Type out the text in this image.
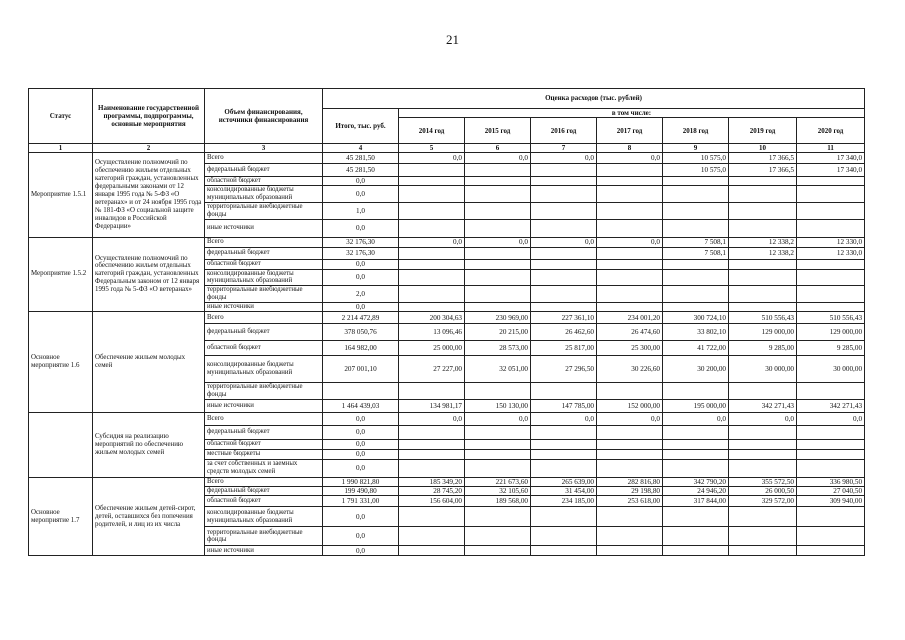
21
Статус	Наименование государственной программы, подпрограммы, основные мероприятия	Объем финансирования, источники финансирования	Оценка расходов (тыс. рублей)							
			Итого, тыс. руб.	в том числе:						
				2014 год	2015 год	2016 год	2017 год	2018 год	2019 год	2020 год
1	2	3	4	5	6	7	8	9	10	11
Мероприятие 1.5.1	Осуществление полномочий по обеспечению жильем отдельных категорий граждан, установленных федеральными законами от 12 января 1995 года № 5-ФЗ «О ветеранах» и от 24 ноября 1995 года № 181-ФЗ «О социальной защите инвалидов в Российской Федерации»	Всего	45 281,50	0,0	0,0	0,0	0,0	10 575,0	17 366,5	17 340,0
		федеральный бюджет	45 281,50					10 575,0	17 366,5	17 340,0
		областной бюджет	0,0							
		консолидированные бюджеты муниципальных образований	0,0							
		территориальные внебюджетные фонды	1,0							
		иные источники	0,0							
Мероприятие 1.5.2	Осуществление полномочий по обеспечению жильем отдельных категорий граждан, установленных Федеральным законом от 12 января 1995 года № 5-ФЗ «О ветеранах»	Всего	32 176,30	0,0	0,0	0,0	0,0	7 508,1	12 338,2	12 330,0
		федеральный бюджет	32 176,30					7 508,1	12 338,2	12 330,0
		областной бюджет	0,0							
		консолидированные бюджеты муниципальных образований	0,0							
		территориальные внебюджетные фонды	2,0							
		иные источники	0,0							
Основное мероприятие 1.6	Обеспечение жильем молодых семей	Всего	2 214 472,89	200 304,63	230 969,00	227 361,10	234 001,20	300 724,10	510 556,43	510 556,43
		федеральный бюджет	378 050,76	13 096,46	20 215,00	26 462,60	26 474,60	33 802,10	129 000,00	129 000,00
		областной бюджет	164 982,00	25 000,00	28 573,00	25 817,00	25 300,00	41 722,00	9 285,00	9 285,00
		консолидированные бюджеты муниципальных образований	207 001,10	27 227,00	32 051,00	27 296,50	30 226,60	30 200,00	30 000,00	30 000,00
		территориальные внебюджетные фонды								
		иные источники	1 464 439,03	134 981,17	150 130,00	147 785,00	152 000,00	195 000,00	342 271,43	342 271,43
	Субсидия на реализацию мероприятий по обеспечению жильем молодых семей	Всего	0,0	0,0	0,0	0,0	0,0	0,0	0,0	0,0
		федеральный бюджет	0,0							
		областной бюджет	0,0							
		местные бюджеты	0,0							
		за счет собственных и заемных средств молодых семей	0,0							
Основное мероприятие 1.7	Обеспечение жильем детей-сирот, детей, оставшихся без попечения родителей, и лиц из их числа	Всего	1 990 821,80	185 349,20	221 673,60	265 639,00	282 816,80	342 790,20	355 572,50	336 980,50
		федеральный бюджет	199 490,80	28 745,20	32 105,60	31 454,00	29 198,80	24 946,20	26 000,50	27 040,50
		областной бюджет	1 791 331,00	156 604,00	189 568,00	234 185,00	253 618,00	317 844,00	329 572,00	309 940,00
		консолидированные бюджеты муниципальных образований	0,0							
		территориальные внебюджетные фонды	0,0							
		иные источники	0,0							
